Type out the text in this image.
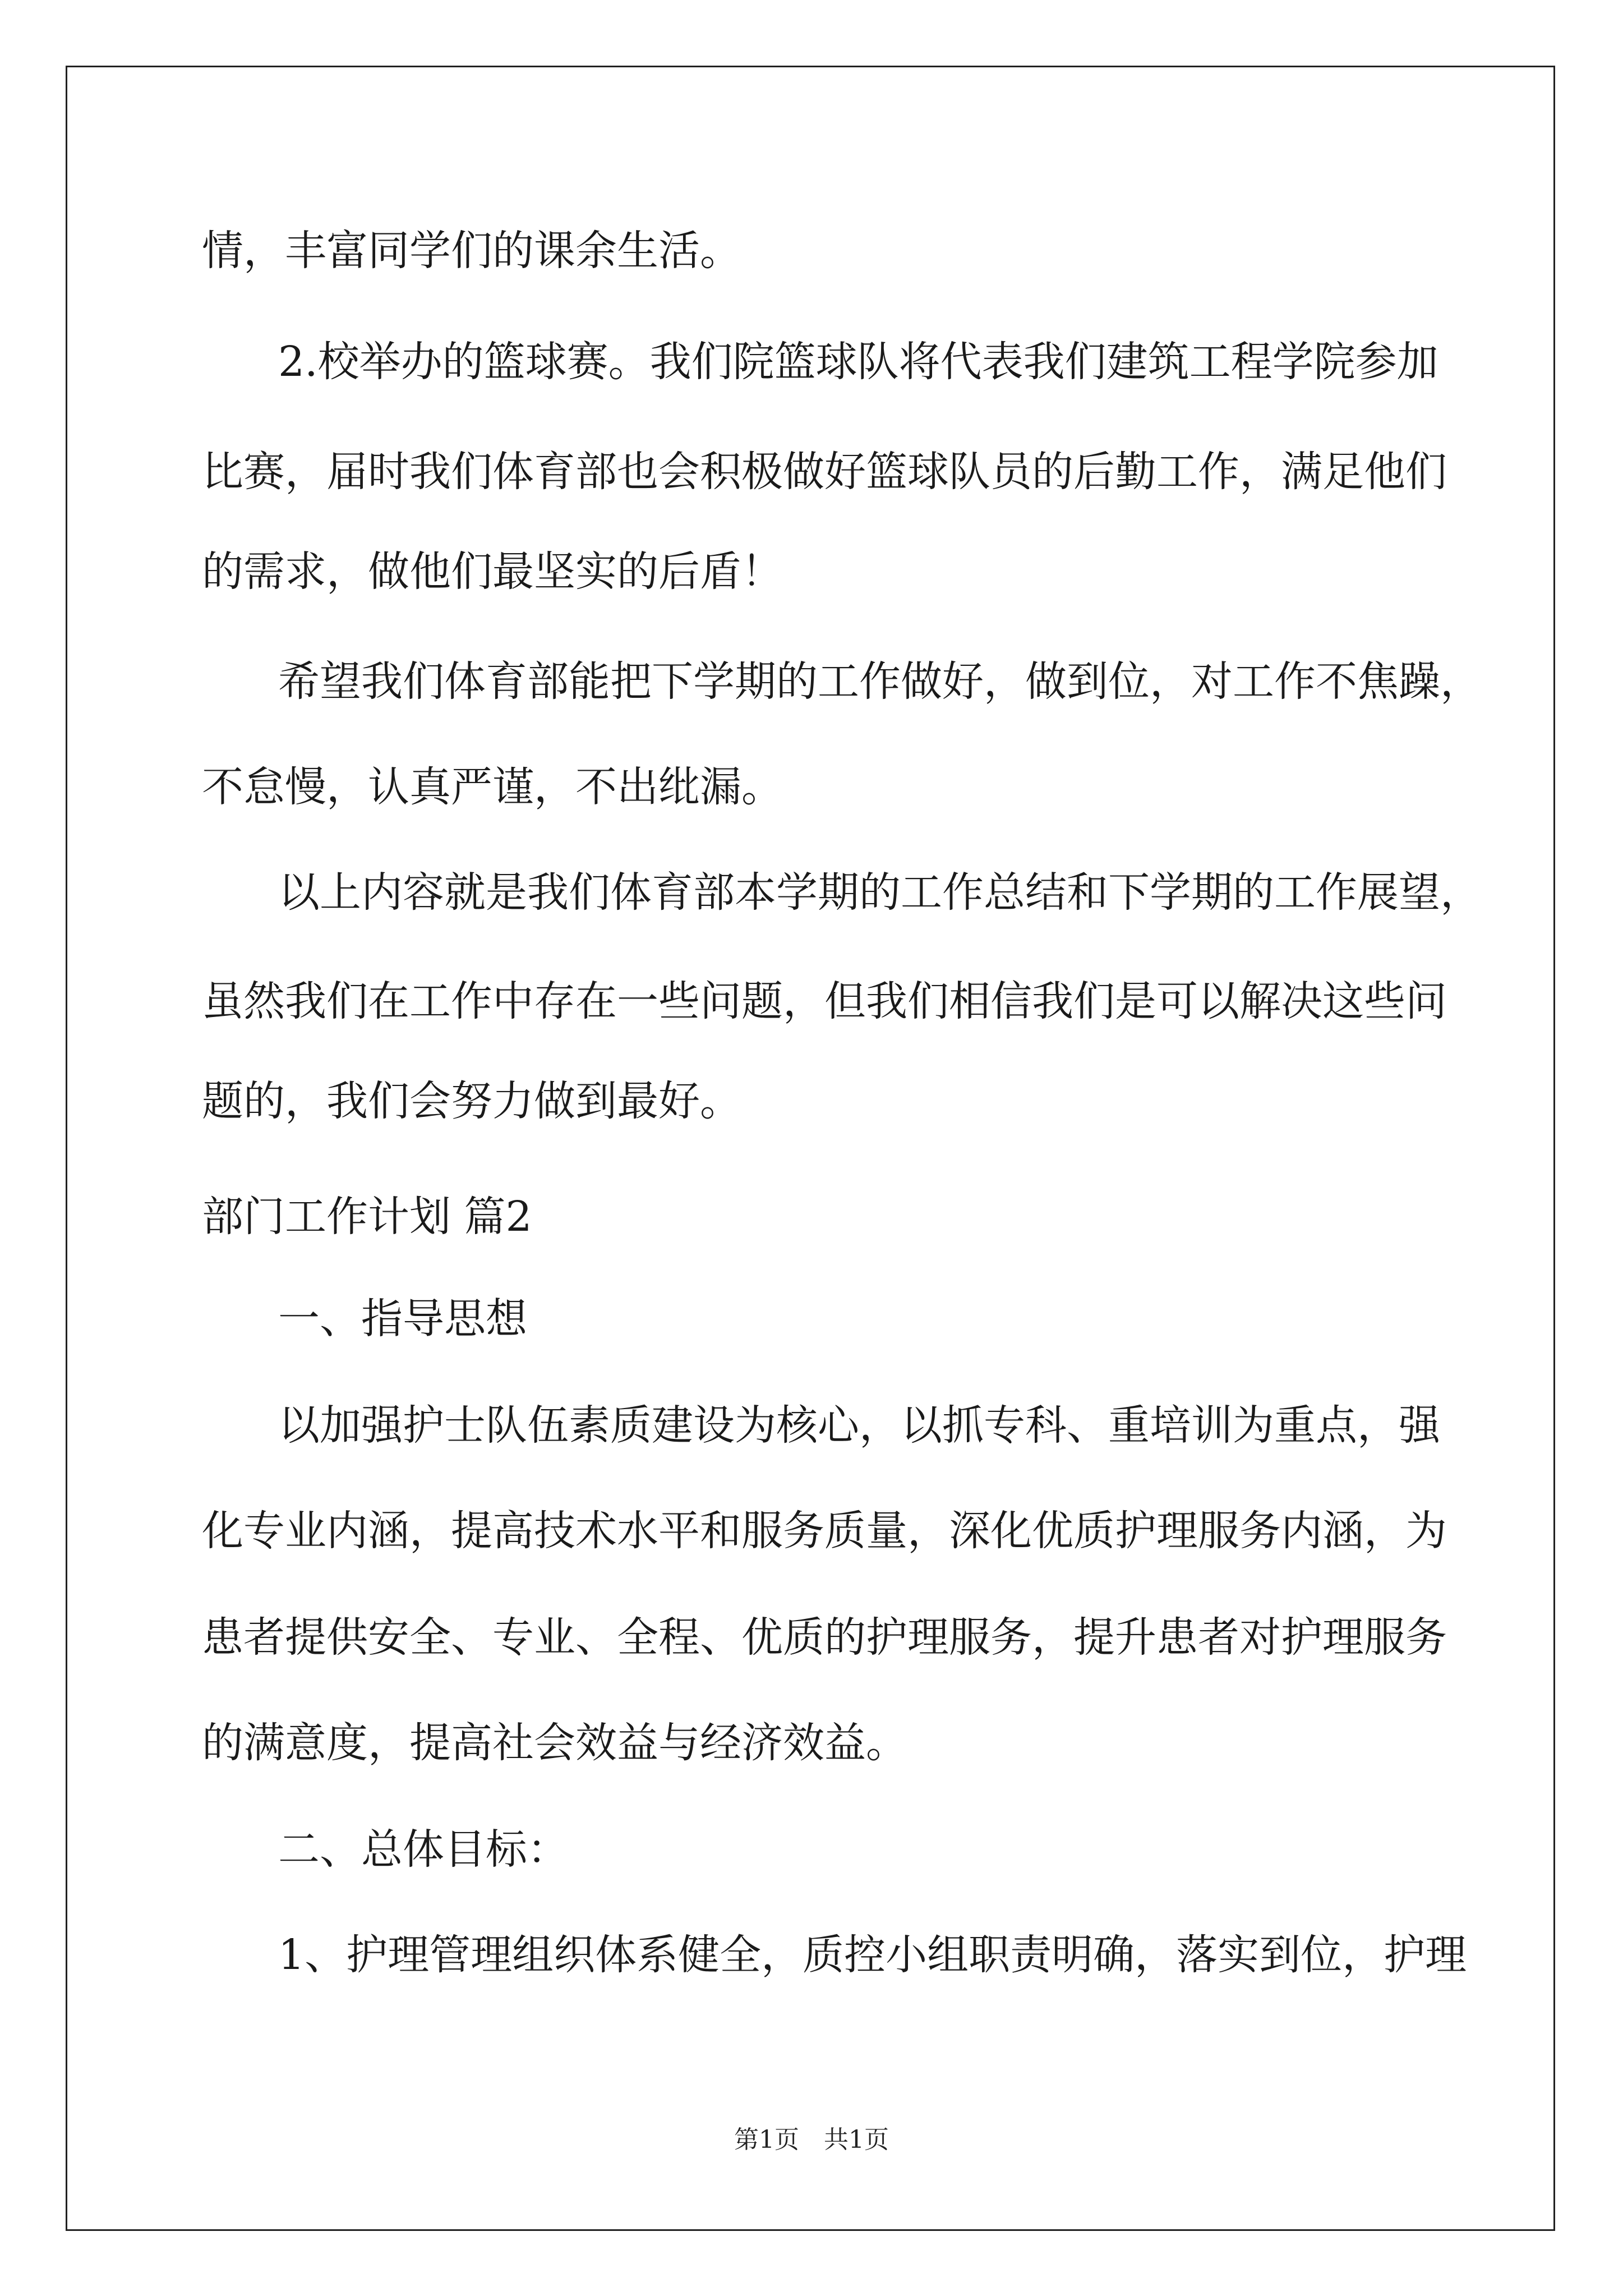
情，丰富同学们的课余生活。
2.校举办的篮球赛。我们院篮球队将代表我们建筑工程学院参加
比赛，届时我们体育部也会积极做好篮球队员的后勤工作，满足他们
的需求，做他们最坚实的后盾！
希望我们体育部能把下学期的工作做好，做到位，对工作不焦躁，
不怠慢，认真严谨，不出纰漏。
以上内容就是我们体育部本学期的工作总结和下学期的工作展望，
虽然我们在工作中存在一些问题，但我们相信我们是可以解决这些问
题的，我们会努力做到最好。
部门工作计划 篇2
一、指导思想
以加强护士队伍素质建设为核心，以抓专科、重培训为重点，强
化专业内涵，提高技术水平和服务质量，深化优质护理服务内涵，为
患者提供安全、专业、全程、优质的护理服务，提升患者对护理服务
的满意度，提高社会效益与经济效益。
二、总体目标：
1、护理管理组织体系健全，质控小组职责明确，落实到位，护理
第1页　共1页
